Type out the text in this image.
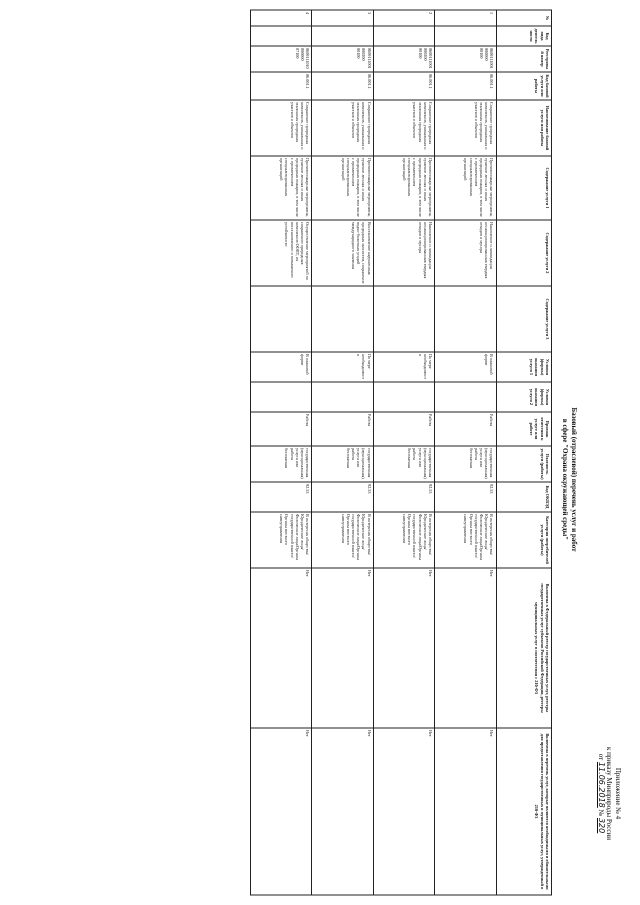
Приложение № 4
к приказу Минприроды России
от 11.06.2018 № 320
Базовый (отраслевой) перечень услуг и работ
в сфере "Охрана окружающей среды"
№	Код вида деятельности	Реестровый номер	Код базовой услуги или работы	Наименование базовой услуги или работы	Содержание услуги 1	Содержание услуги 2	Содержание услуги 3	Условия (формы) оказания услуги 1	Условия (формы) оказания услуги 2	Признак отнесения к услуге или работе	Платность услуги (работы)	Код ОКВЭД	Категория потребителей услуги (работы)	Включена в Федеральный реестр государственных услуг, реестры государственных услуг субъектов Российской Федерации, реестры муниципальных услуг в соответствии с 210-ФЗ	Включена в перечень услуг, которые являются необходимыми и обязательными для предоставления государственных и муниципальных услуг, утвержденный в 210-ФЗ
1		0600111001000000 00100	06.001.1	Сохранение природных комплексов, уникальных и эталонных природных участков и объектов	Противопожарные мероприятия, тушение лесных и иных природных пожаров, в том числе с привлечением специализированных организаций	Накопление и ликвидация несанкционированных твердых отходов и мусора		В плановой форме		Работа	государственная (муниципальная) услуга или работа бесплатная	92.53	В интересах общества/Юридические лица/Физические лица/Органы государственной власти/Органы местного самоуправления	Нет	Нет
2		0600111001000200 00100	06.001.1	Сохранение природных комплексов, уникальных и эталонных природных участков и объектов	Противопожарные мероприятия, тушение лесных и иных природных пожаров, в том числе с привлечением специализированных организаций	Накопление и ликвидация несанкционированных твердых отходов и мусора		По мере необходимости		Работа	государственная (муниципальная) услуга или работа бесплатная	92.53	В интересах общества/Юридические лица/Физические лица/Органы государственной власти/Органы местного самоуправления	Нет	Нет
3		0600111001000200 00100	06.001.1	Сохранение природных комплексов, уникальных и эталонных природных участков и объектов	Противопожарные мероприятия, тушение лесных и иных природных пожаров, в том числе с привлечением специализированных организаций	Восстановление нарушенных природных экосистем, сохранение водно-болотных угодий международного значения		По мере необходимости		Работа	государственная (муниципальная) услуга или работа бесплатная	92.53	В интересах общества/Юридические лица/Физические лица/Органы государственной власти/Органы местного самоуправления	Нет	Нет
4		0600111010000000 07100	06.001.1	Сохранение природных комплексов, уникальных и эталонных природных участков и объектов	Противопожарные мероприятия, тушение лесных и иных природных пожаров, в том числе с привлечением специализированных организаций	Осуществление мероприятий по сохранению природных комплексов ООПТ, их восстановлению и повышению устойчивости		В плановой форме		Работа	государственная (муниципальная) услуга или работа бесплатная	92.53	В интересах общества/Юридические лица/Физические лица/Органы государственной власти/Органы местного самоуправления	Нет	Нет
